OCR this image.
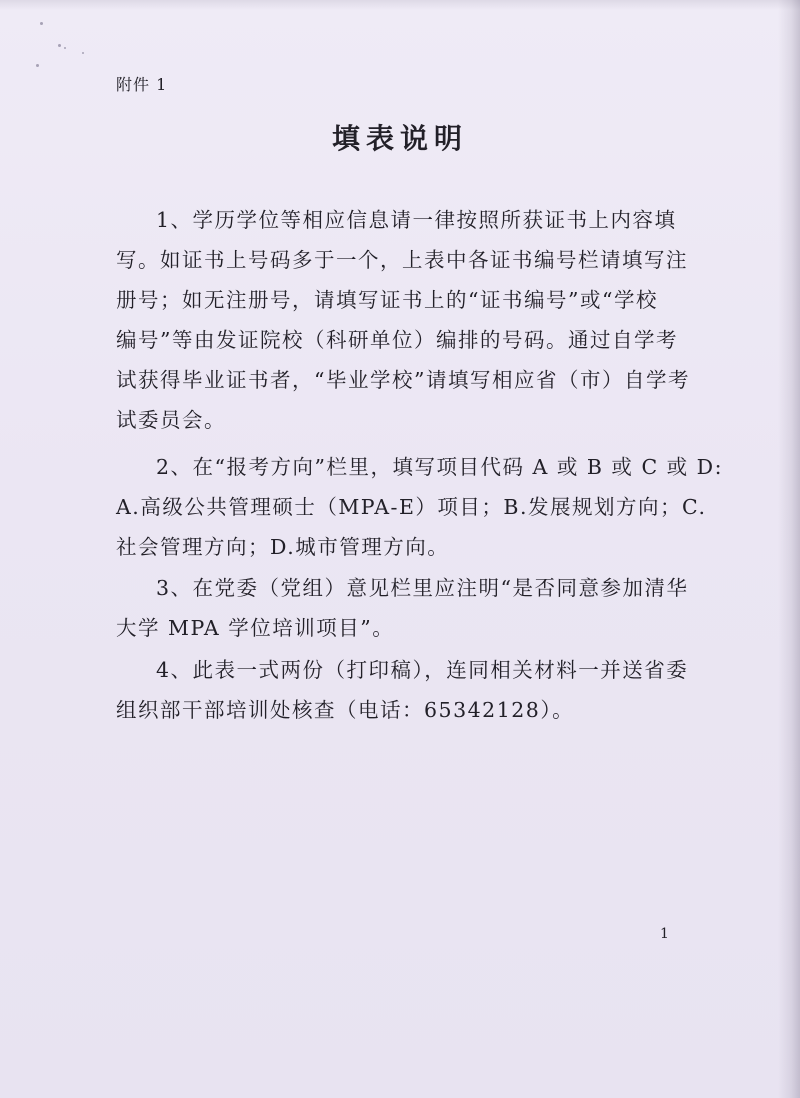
附件 1
填表说明
1、学历学位等相应信息请一律按照所获证书上内容填
写。如证书上号码多于一个，上表中各证书编号栏请填写注
册号；如无注册号，请填写证书上的“证书编号”或“学校
编号”等由发证院校（科研单位）编排的号码。通过自学考
试获得毕业证书者，“毕业学校”请填写相应省（市）自学考
试委员会。
2、在“报考方向”栏里，填写项目代码 A 或 B 或 C 或 D:
A.高级公共管理硕士（MPA-E）项目；B.发展规划方向；C.
社会管理方向；D.城市管理方向。
3、在党委（党组）意见栏里应注明“是否同意参加清华
大学 MPA 学位培训项目”。
4、此表一式两份（打印稿），连同相关材料一并送省委
组织部干部培训处核查（电话：65342128）。
1
